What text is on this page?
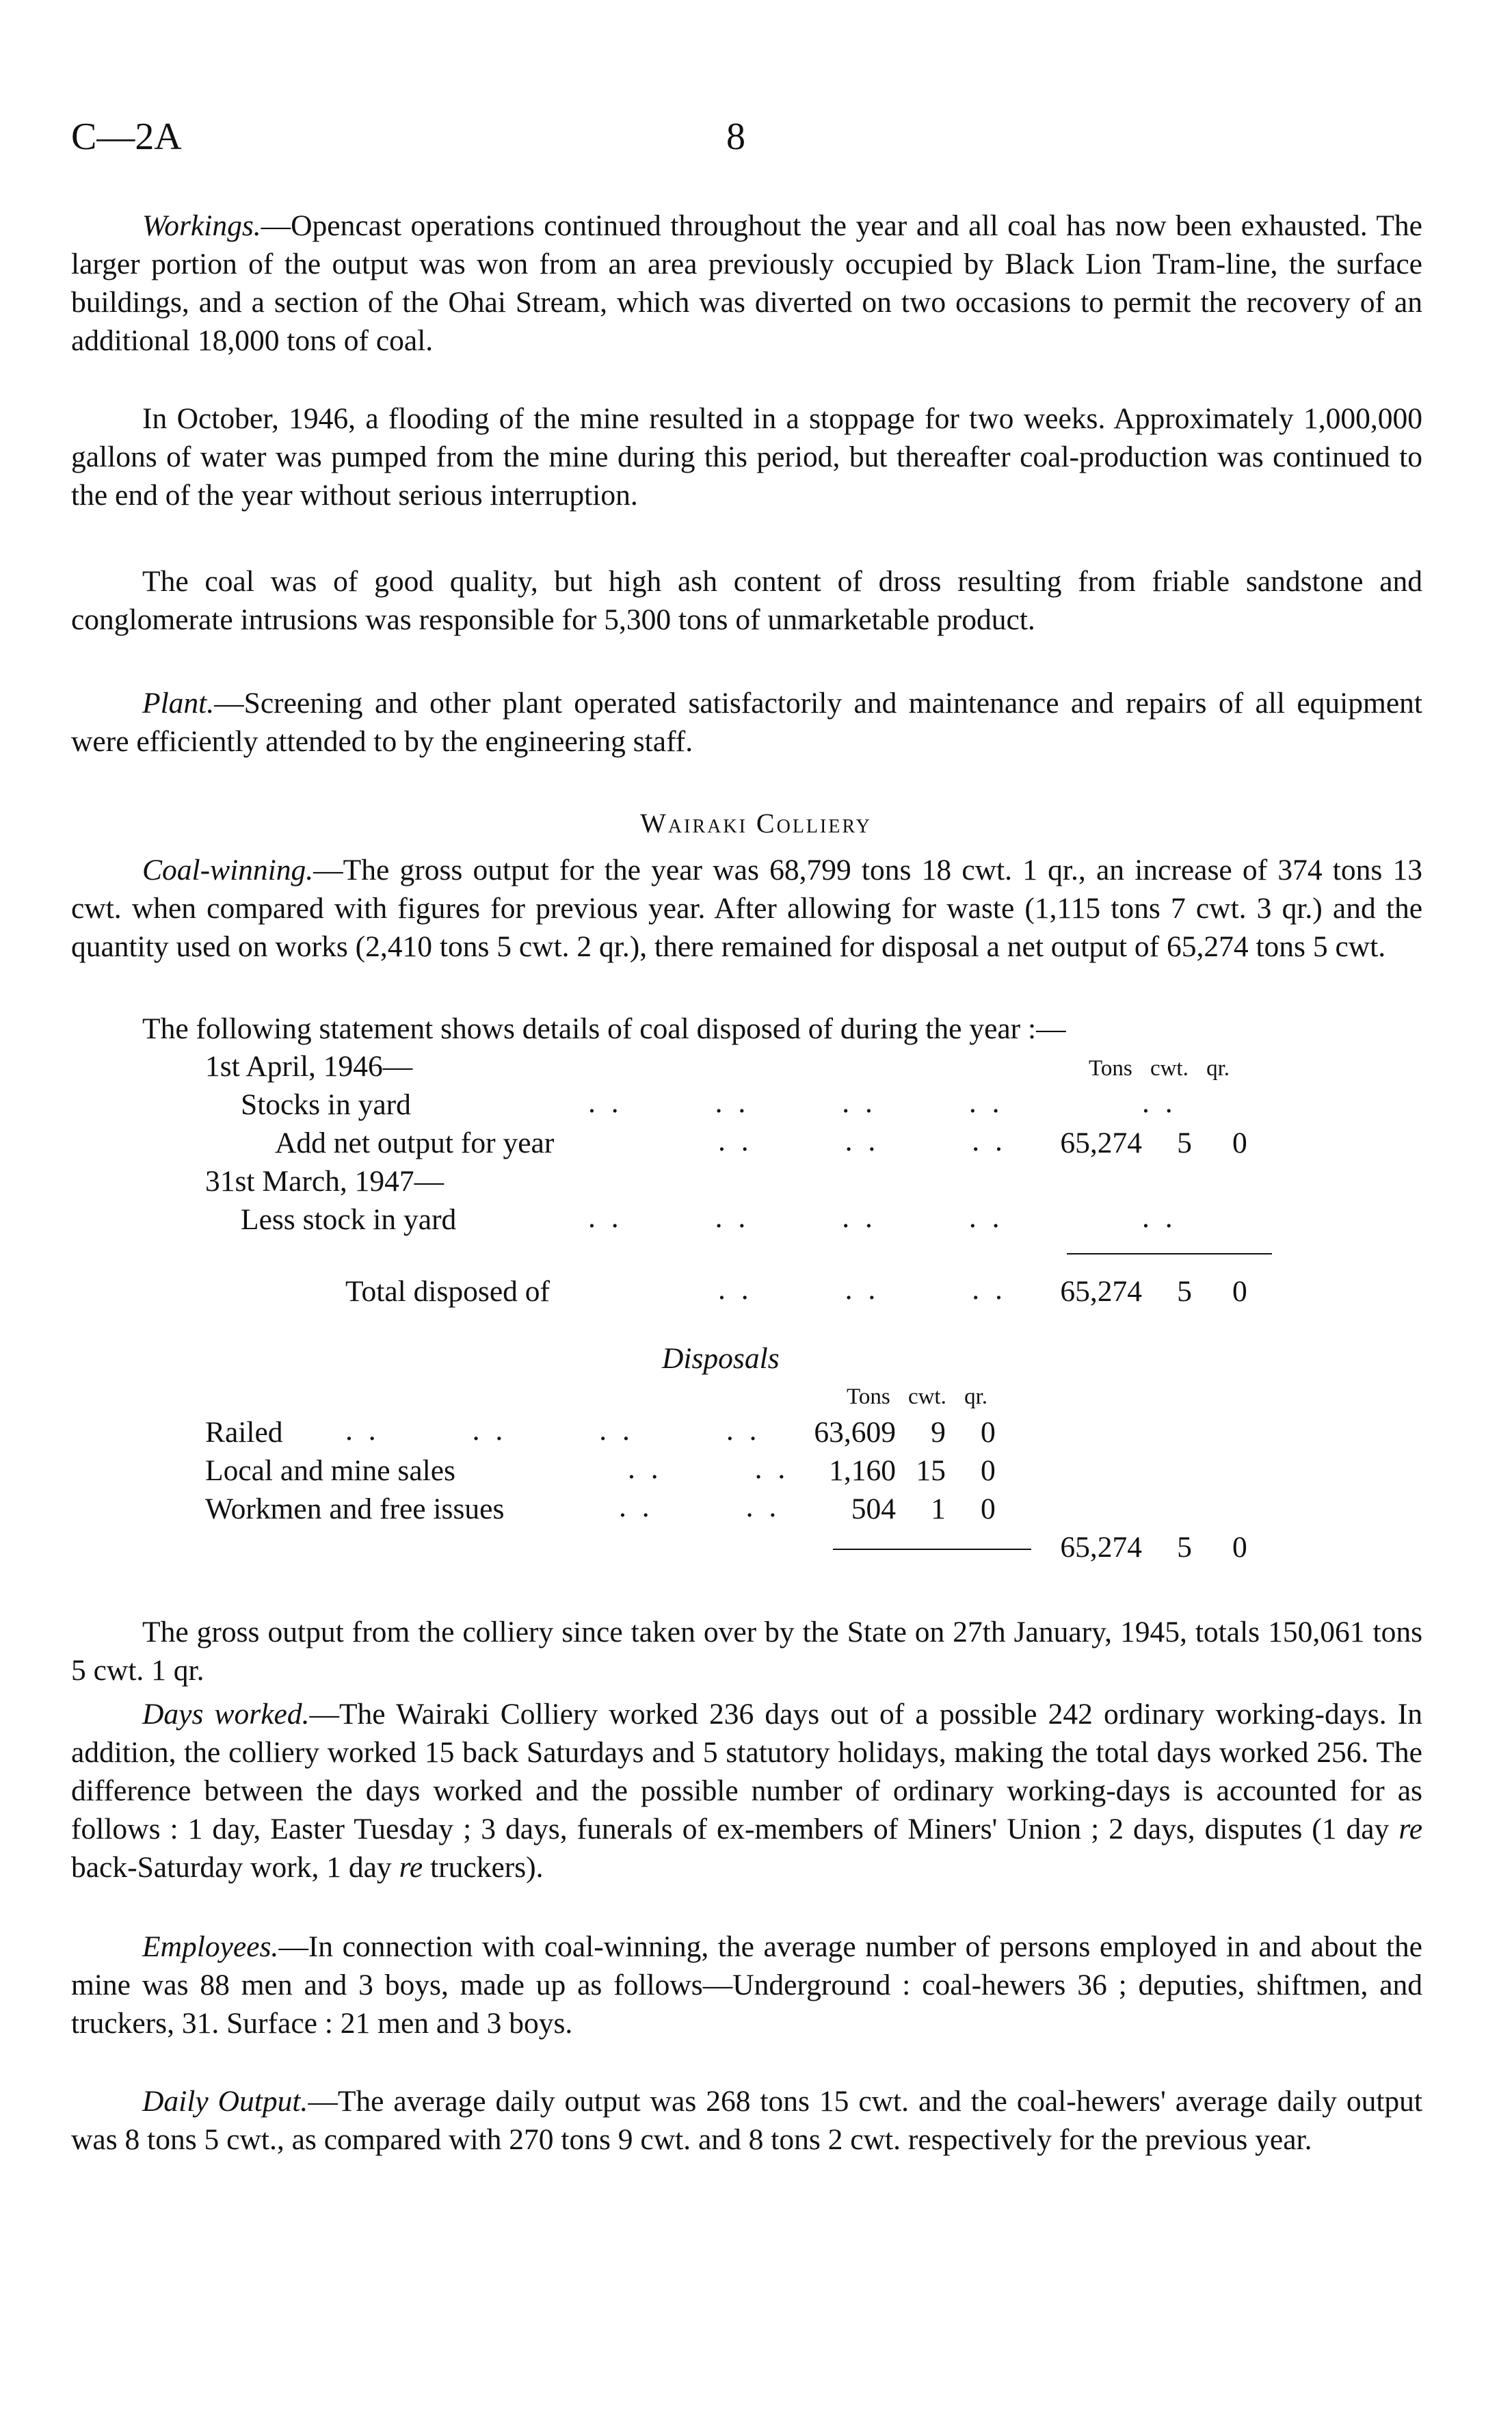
C—2A	8

Workings.—Opencast operations continued throughout the year and all coal has now been exhausted. The larger portion of the output was won from an area previously occupied by Black Lion Tram-line, the surface buildings, and a section of the Ohai Stream, which was diverted on two occasions to permit the recovery of an additional 18,000 tons of coal.

In October, 1946, a flooding of the mine resulted in a stoppage for two weeks. Approximately 1,000,000 gallons of water was pumped from the mine during this period, but thereafter coal-production was continued to the end of the year without serious interruption.

The coal was of good quality, but high ash content of dross resulting from friable sandstone and conglomerate intrusions was responsible for 5,300 tons of unmarketable product.

Plant.—Screening and other plant operated satisfactorily and maintenance and repairs of all equipment were efficiently attended to by the engineering staff.

Wairaki Colliery

Coal-winning.—The gross output for the year was 68,799 tons 18 cwt. 1 qr., an increase of 374 tons 13 cwt. when compared with figures for previous year. After allowing for waste (1,115 tons 7 cwt. 3 qr.) and the quantity used on works (2,410 tons 5 cwt. 2 qr.), there remained for disposal a net output of 65,274 tons 5 cwt.

The following statement shows details of coal disposed of during the year :—

1st April, 1946—	Tons cwt. qr.
Stocks in yard	. .        . .        . .        . .            . .
Add net output for year	. .        . .        . .	65,274 5 0
31st March, 1947—
Less stock in yard	. .        . .        . .        . .            . .
Total disposed of	. .        . .        . .	65,274 5 0
Disposals
Tons cwt. qr.
Railed . .        . .        . .        . .	63,609 9 0
Local and mine sales	. .        . .	1,160 15 0
Workmen and free issues	. .        . .	504 1 0
65,274 5 0

The gross output from the colliery since taken over by the State on 27th January, 1945, totals 150,061 tons 5 cwt. 1 qr.

Days worked.—The Wairaki Colliery worked 236 days out of a possible 242 ordinary working-days. In addition, the colliery worked 15 back Saturdays and 5 statutory holidays, making the total days worked 256. The difference between the days worked and the possible number of ordinary working-days is accounted for as follows : 1 day, Easter Tuesday ; 3 days, funerals of ex-members of Miners' Union ; 2 days, disputes (1 day re back-Saturday work, 1 day re truckers).

Employees.—In connection with coal-winning, the average number of persons employed in and about the mine was 88 men and 3 boys, made up as follows—Underground : coal-hewers 36 ; deputies, shiftmen, and truckers, 31. Surface : 21 men and 3 boys.

Daily Output.—The average daily output was 268 tons 15 cwt. and the coal-hewers' average daily output was 8 tons 5 cwt., as compared with 270 tons 9 cwt. and 8 tons 2 cwt. respectively for the previous year.
